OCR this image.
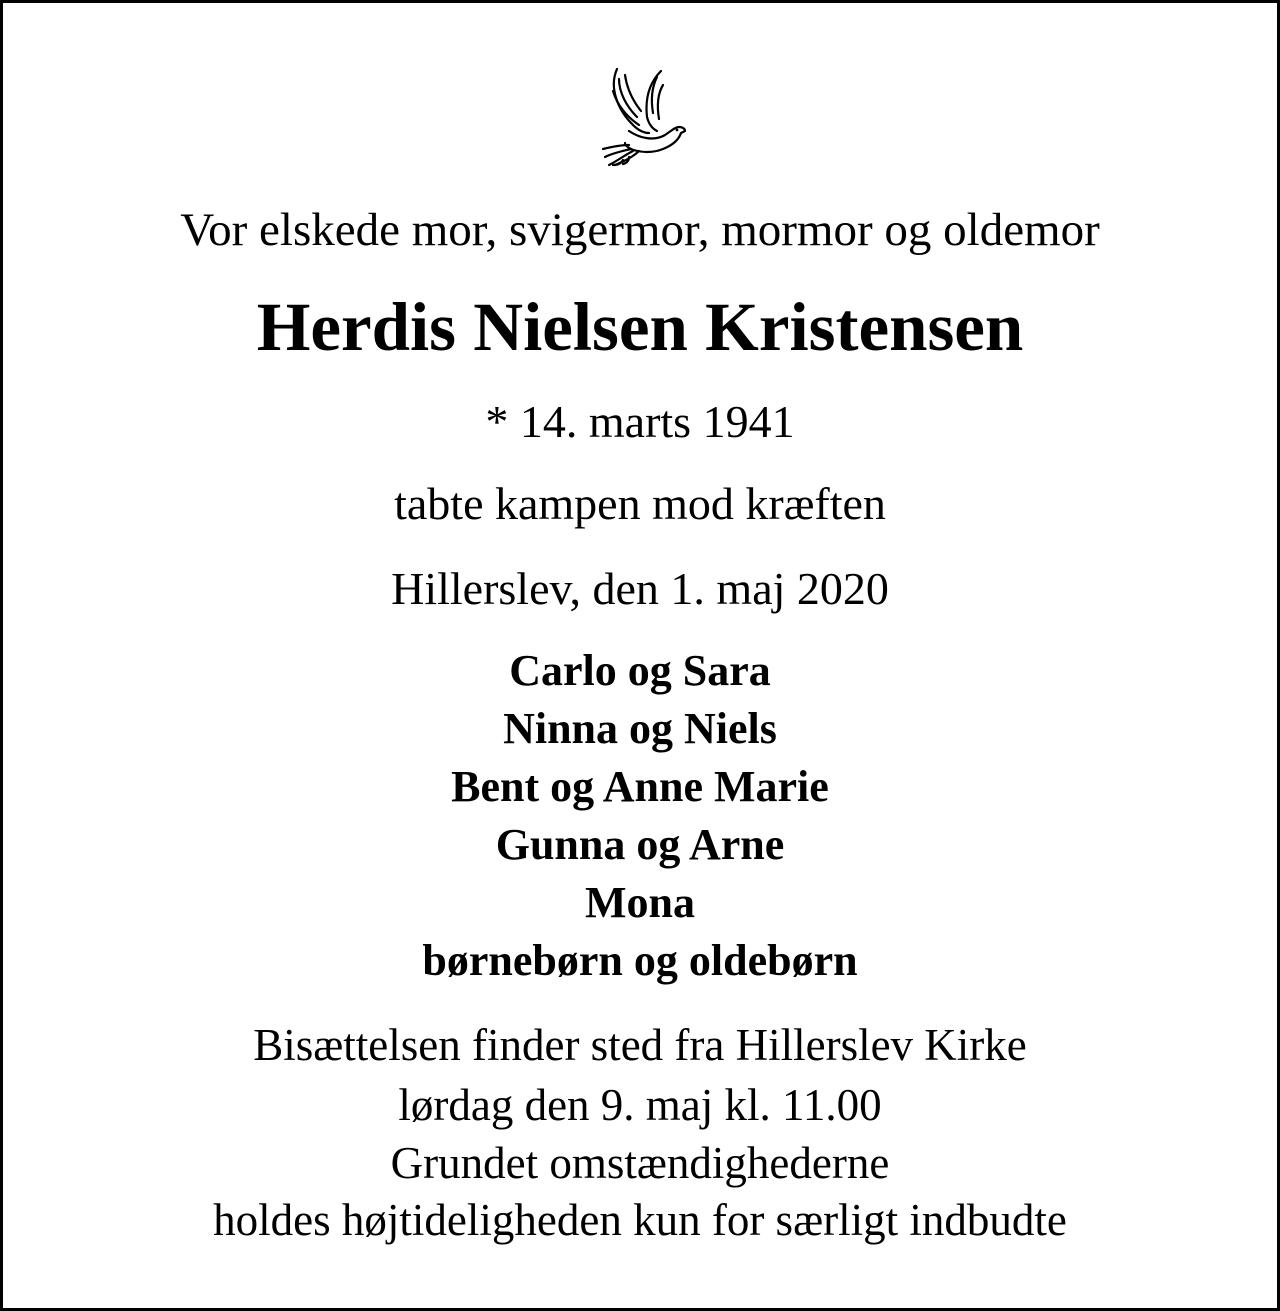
Vor elskede mor, svigermor, mormor og oldemor
Herdis Nielsen Kristensen
* 14. marts 1941
tabte kampen mod kræften
Hillerslev, den 1. maj 2020
Carlo og Sara
Ninna og Niels
Bent og Anne Marie
Gunna og Arne
Mona
børnebørn og oldebørn
Bisættelsen finder sted fra Hillerslev Kirke
lørdag den 9. maj kl. 11.00
Grundet omstændighederne
holdes højtideligheden kun for særligt indbudte
